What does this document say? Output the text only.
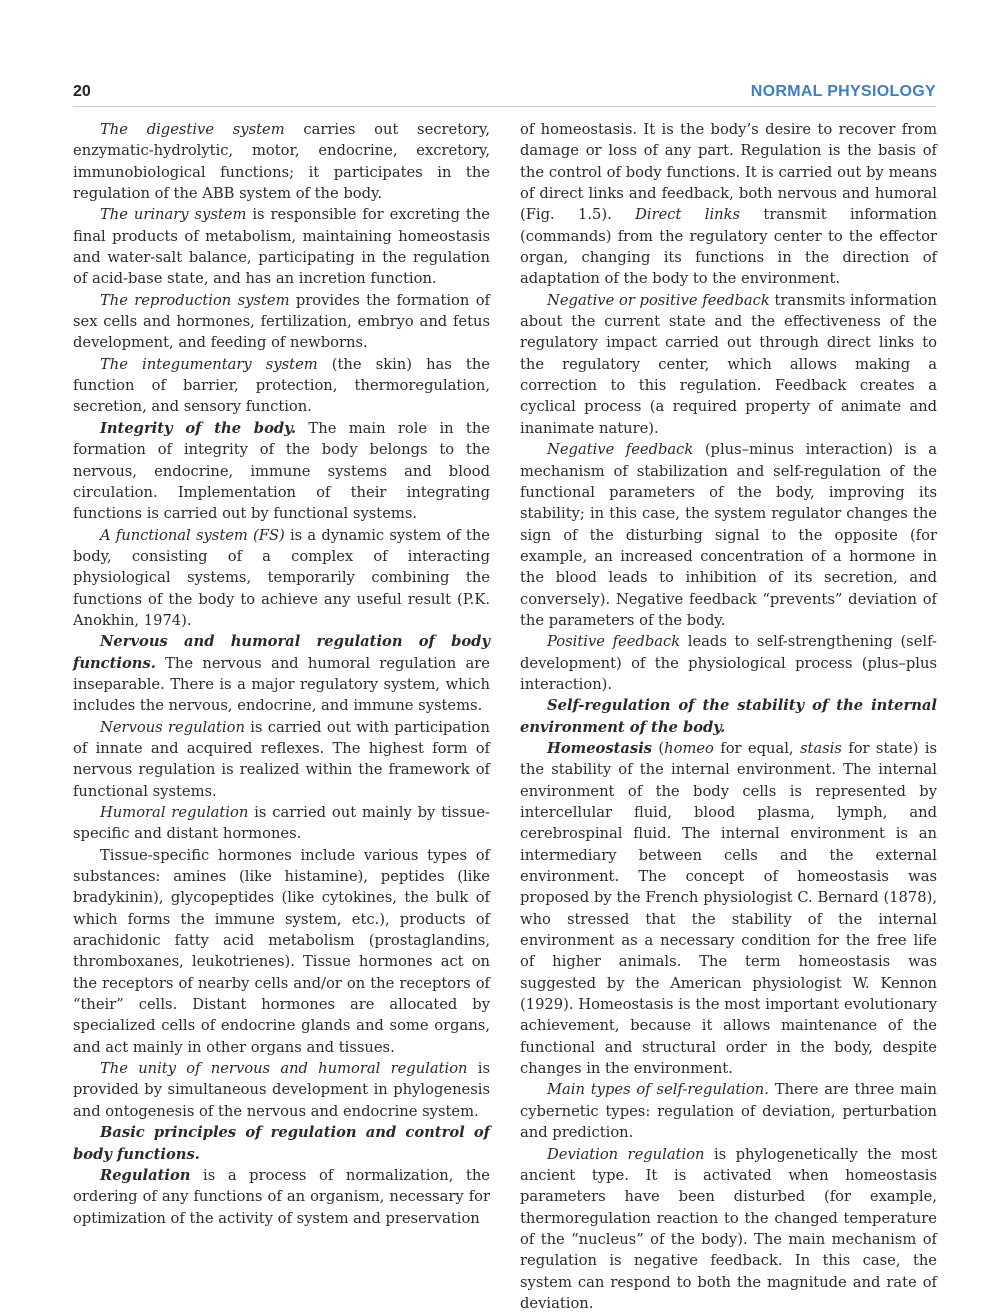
20	NORMAL PHYSIOLOGY

The digestive system carries out secretory, enzymatic-hydrolytic, motor, endocrine, excretory, immunobiological functions; it participates in the regulation of the ABB system of the body.

The urinary system is responsible for excreting the final products of metabolism, maintaining homeostasis and water-salt balance, participating in the regulation of acid-base state, and has an incretion function.

The reproduction system provides the formation of sex cells and hormones, fertilization, embryo and fetus development, and feeding of newborns.

The integumentary system (the skin) has the function of barrier, protection, thermoregulation, secretion, and sensory function.

Integrity of the body. The main role in the formation of integrity of the body belongs to the nervous, endocrine, immune systems and blood circulation. Implementation of their integrating functions is carried out by functional systems.

A functional system (FS) is a dynamic system of the body, consisting of a complex of interacting physiological systems, temporarily combining the functions of the body to achieve any useful result (P.K. Anokhin, 1974).

Nervous and humoral regulation of body functions. The nervous and humoral regulation are inseparable. There is a major regulatory system, which includes the nervous, endocrine, and immune systems.

Nervous regulation is carried out with participation of innate and acquired reflexes. The highest form of nervous regulation is realized within the framework of functional systems.

Humoral regulation is carried out mainly by tissue-specific and distant hormones.

Tissue-specific hormones include various types of substances: amines (like histamine), peptides (like bradykinin), glycopeptides (like cytokines, the bulk of which forms the immune system, etc.), products of arachidonic fatty acid metabolism (prostaglandins, thromboxanes, leukotrienes). Tissue hormones act on the receptors of nearby cells and/or on the receptors of “their” cells. Distant hormones are allocated by specialized cells of endocrine glands and some organs, and act mainly in other organs and tissues.

The unity of nervous and humoral regulation is provided by simultaneous development in phylogenesis and ontogenesis of the nervous and endocrine system.

Basic principles of regulation and control of body functions.

Regulation is a process of normalization, the ordering of any functions of an organism, necessary for optimization of the activity of system and preservation

of homeostasis. It is the body’s desire to recover from damage or loss of any part. Regulation is the basis of the control of body functions. It is carried out by means of direct links and feedback, both nervous and humoral (Fig. 1.5). Direct links transmit information (commands) from the regulatory center to the effector organ, changing its functions in the direction of adaptation of the body to the environment.

Negative or positive feedback transmits information about the current state and the effectiveness of the regulatory impact carried out through direct links to the regulatory center, which allows making a correction to this regulation. Feedback creates a cyclical process (a required property of animate and inanimate nature).

Negative feedback (plus–minus interaction) is a mechanism of stabilization and self-regulation of the functional parameters of the body, improving its stability; in this case, the system regulator changes the sign of the disturbing signal to the opposite (for example, an increased concentration of a hormone in the blood leads to inhibition of its secretion, and conversely). Negative feedback “prevents” deviation of the parameters of the body.

Positive feedback leads to self-strengthening (self-development) of the physiological process (plus–plus interaction).

Self-regulation of the stability of the internal environment of the body.

Homeostasis (homeo for equal, stasis for state) is the stability of the internal environment. The internal environment of the body cells is represented by intercellular fluid, blood plasma, lymph, and cerebrospinal fluid. The internal environment is an intermediary between cells and the external environment. The concept of homeostasis was proposed by the French physiologist C. Bernard (1878), who stressed that the stability of the internal environment as a necessary condition for the free life of higher animals. The term homeostasis was suggested by the American physiologist W. Kennon (1929). Homeostasis is the most important evolutionary achievement, because it allows maintenance of the functional and structural order in the body, despite changes in the environment.

Main types of self-regulation. There are three main cybernetic types: regulation of deviation, perturbation and prediction.

Deviation regulation is phylogenetically the most ancient type. It is activated when homeostasis parameters have been disturbed (for example, thermoregulation reaction to the changed temperature of the “nucleus” of the body). The main mechanism of regulation is negative feedback. In this case, the system can respond to both the magnitude and rate of deviation.
